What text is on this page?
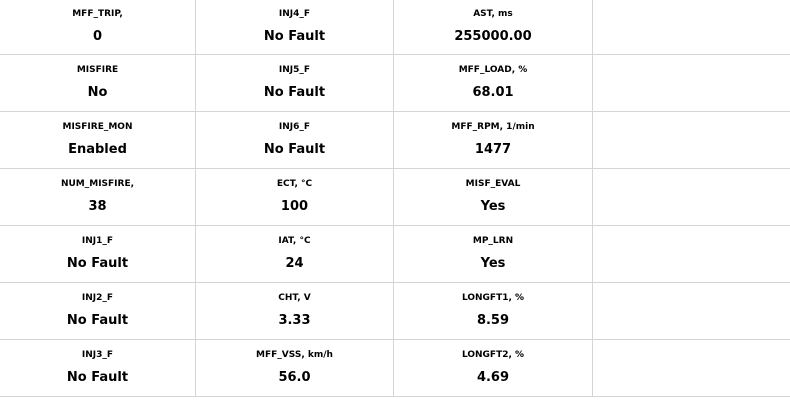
MFF_TRIP,
0
INJ4_F
No Fault
AST, ms
255000.00
MISFIRE
No
INJ5_F
No Fault
MFF_LOAD, %
68.01
MISFIRE_MON
Enabled
INJ6_F
No Fault
MFF_RPM, 1/min
1477
NUM_MISFIRE,
38
ECT, °C
100
MISF_EVAL
Yes
INJ1_F
No Fault
IAT, °C
24
MP_LRN
Yes
INJ2_F
No Fault
CHT, V
3.33
LONGFT1, %
8.59
INJ3_F
No Fault
MFF_VSS, km/h
56.0
LONGFT2, %
4.69
